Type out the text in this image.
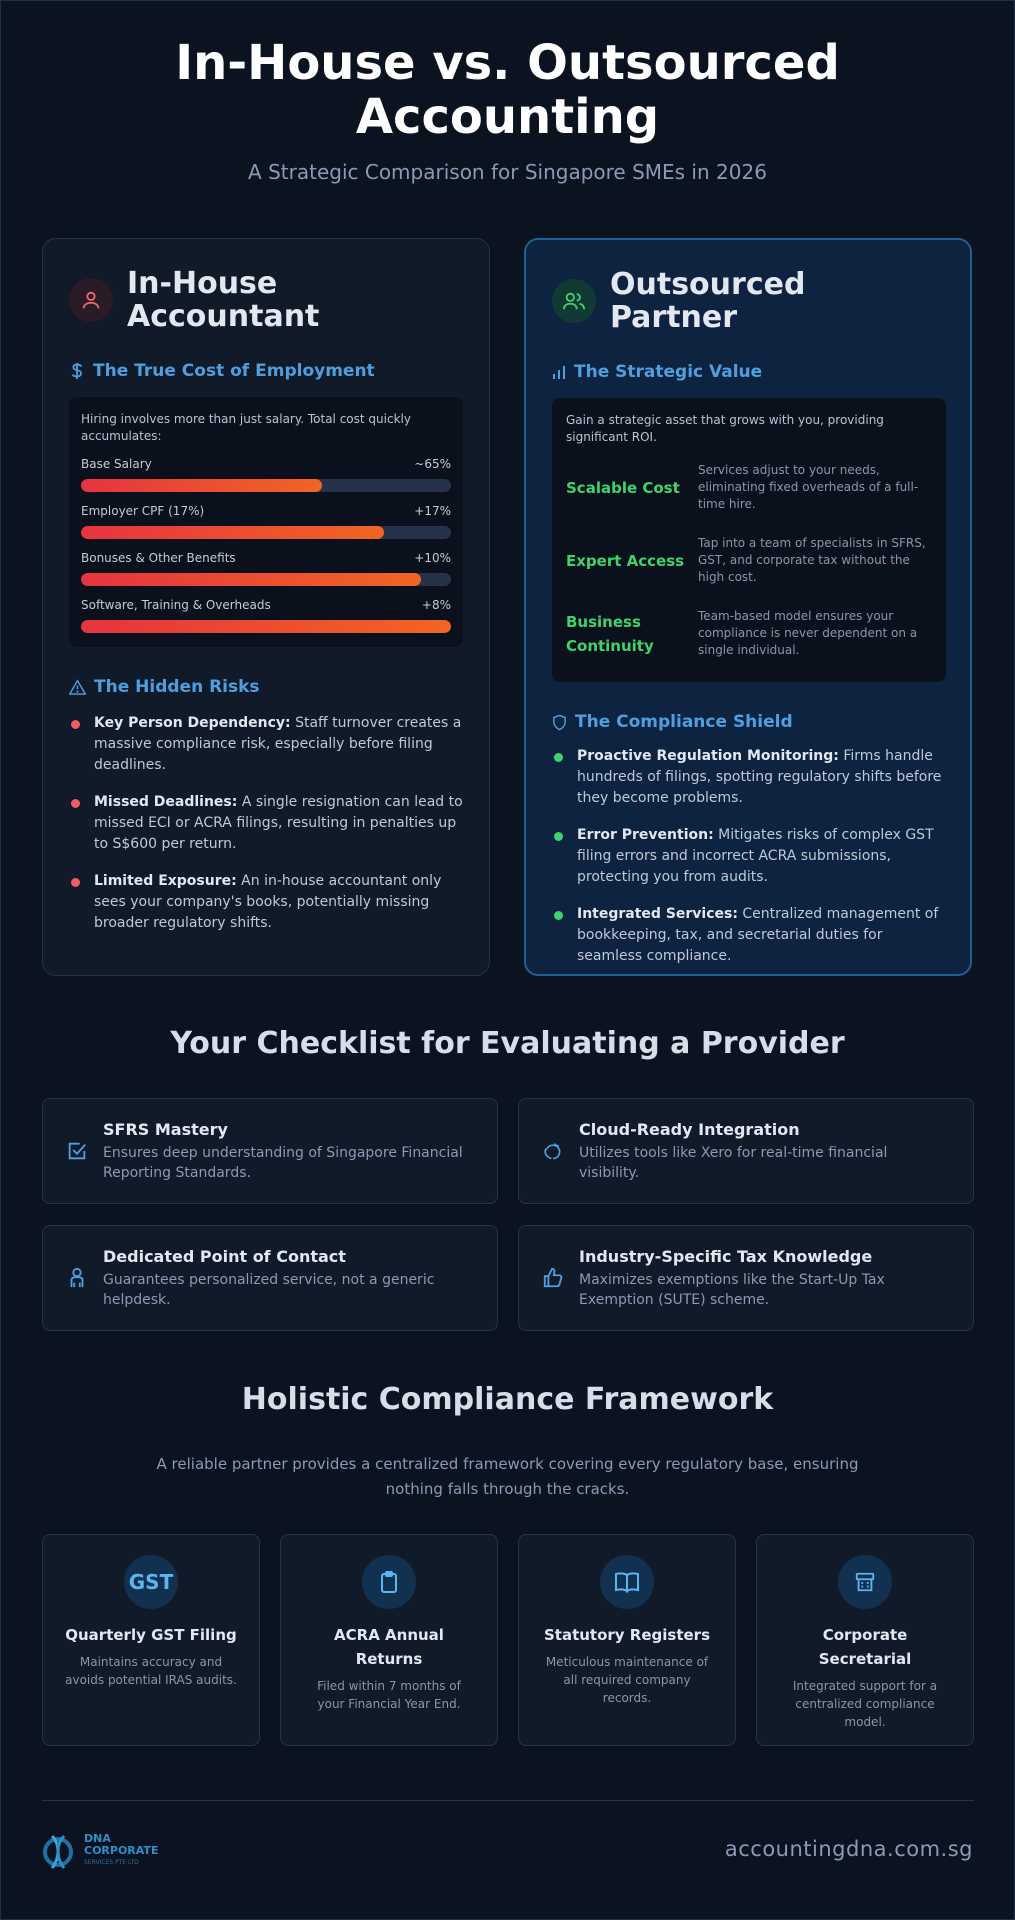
In-House vs. Outsourced Accounting
A Strategic Comparison for Singapore SMEs in 2026
In-House Accountant
The True Cost of Employment
Hiring involves more than just salary. Total cost quickly accumulates:
Base Salary	~65%
Employer CPF (17%)	+17%
Bonuses & Other Benefits	+10%
Software, Training & Overheads	+8%
The Hidden Risks
Key Person Dependency: Staff turnover creates a massive compliance risk, especially before filing deadlines.
Missed Deadlines: A single resignation can lead to missed ECI or ACRA filings, resulting in penalties up to S$600 per return.
Limited Exposure: An in-house accountant only sees your company's books, potentially missing broader regulatory shifts.
Outsourced Partner
The Strategic Value
Gain a strategic asset that grows with you, providing significant ROI.
Scalable Cost
Services adjust to your needs, eliminating fixed overheads of a full-time hire.
Expert Access
Tap into a team of specialists in SFRS, GST, and corporate tax without the high cost.
Business Continuity
Team-based model ensures your compliance is never dependent on a single individual.
The Compliance Shield
Proactive Regulation Monitoring: Firms handle hundreds of filings, spotting regulatory shifts before they become problems.
Error Prevention: Mitigates risks of complex GST filing errors and incorrect ACRA submissions, protecting you from audits.
Integrated Services: Centralized management of bookkeeping, tax, and secretarial duties for seamless compliance.
Your Checklist for Evaluating a Provider
SFRS Mastery
Ensures deep understanding of Singapore Financial Reporting Standards.
Cloud-Ready Integration
Utilizes tools like Xero for real-time financial visibility.
Dedicated Point of Contact
Guarantees personalized service, not a generic helpdesk.
Industry-Specific Tax Knowledge
Maximizes exemptions like the Start-Up Tax Exemption (SUTE) scheme.
Holistic Compliance Framework
A reliable partner provides a centralized framework covering every regulatory base, ensuring nothing falls through the cracks.
GST
Quarterly GST Filing
Maintains accuracy and avoids potential IRAS audits.
ACRA Annual Returns
Filed within 7 months of your Financial Year End.
Statutory Registers
Meticulous maintenance of all required company records.
Corporate Secretarial
Integrated support for a centralized compliance model.
DNA
CORPORATE
SERVICES PTE LTD
accountingdna.com.sg
